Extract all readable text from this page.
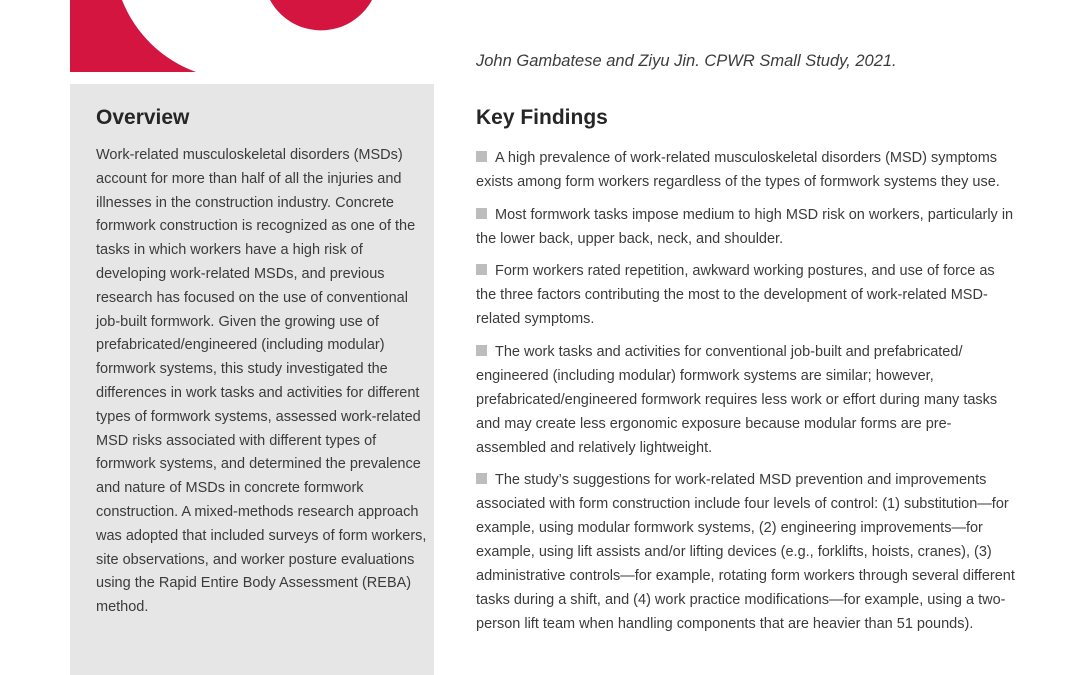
John Gambatese and Ziyu Jin. CPWR Small Study, 2021.
Overview

Work-related musculoskeletal disorders (MSDs) account for more than half of all the injuries and illnesses in the construction industry. Concrete formwork construction is recognized as one of the tasks in which workers have a high risk of developing work-related MSDs, and previous research has focused on the use of conventional job-built formwork. Given the growing use of prefabricated/engineered (including modular) formwork systems, this study investigated the differences in work tasks and activities for different types of formwork systems, assessed work-related MSD risks associated with different types of formwork systems, and determined the prevalence and nature of MSDs in concrete formwork construction. A mixed-methods research approach was adopted that included surveys of form workers, site observations, and worker posture evaluations using the Rapid Entire Body Assessment (REBA) method.

Key Findings
A high prevalence of work-related musculoskeletal disorders (MSD) symptoms exists among form workers regardless of the types of formwork systems they use.
Most formwork tasks impose medium to high MSD risk on workers, particularly in the lower back, upper back, neck, and shoulder.
Form workers rated repetition, awkward working postures, and use of force as the three factors contributing the most to the development of work-related MSD-related symptoms.
The work tasks and activities for conventional job-built and prefabricated/ engineered (including modular) formwork systems are similar; however, prefabricated/engineered formwork requires less work or effort during many tasks and may create less ergonomic exposure because modular forms are pre-assembled and relatively lightweight.
The study’s suggestions for work-related MSD prevention and improvements associated with form construction include four levels of control: (1) substitution—for example, using modular formwork systems, (2) engineering improvements—for example, using lift assists and/or lifting devices (e.g., forklifts, hoists, cranes), (3) administrative controls—for example, rotating form workers through several different tasks during a shift, and (4) work practice modifications—for example, using a two-person lift team when handling components that are heavier than 51 pounds).
